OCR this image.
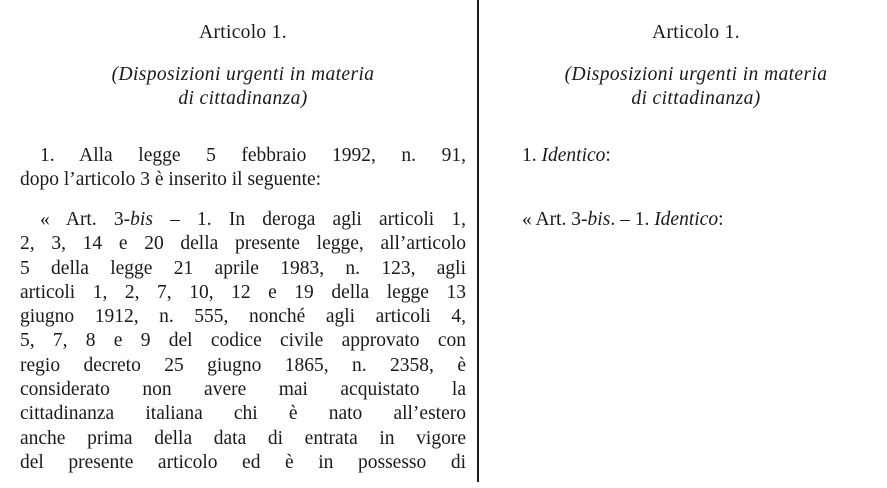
Articolo 1.

(Disposizioni urgenti in materia
di cittadinanza)

1. Alla legge 5 febbraio 1992, n. 91,
dopo l’articolo 3 è inserito il seguente:
« Art. 3-bis – 1. In deroga agli articoli 1,
2, 3, 14 e 20 della presente legge, all’articolo
5 della legge 21 aprile 1983, n. 123, agli
articoli 1, 2, 7, 10, 12 e 19 della legge 13
giugno 1912, n. 555, nonché agli articoli 4,
5, 7, 8 e 9 del codice civile approvato con
regio decreto 25 giugno 1865, n. 2358, è
considerato non avere mai acquistato la
cittadinanza italiana chi è nato all’estero
anche prima della data di entrata in vigore
del presente articolo ed è in possesso di

Articolo 1.

(Disposizioni urgenti in materia
di cittadinanza)

1. Identico:
« Art. 3-bis. – 1. Identico:
